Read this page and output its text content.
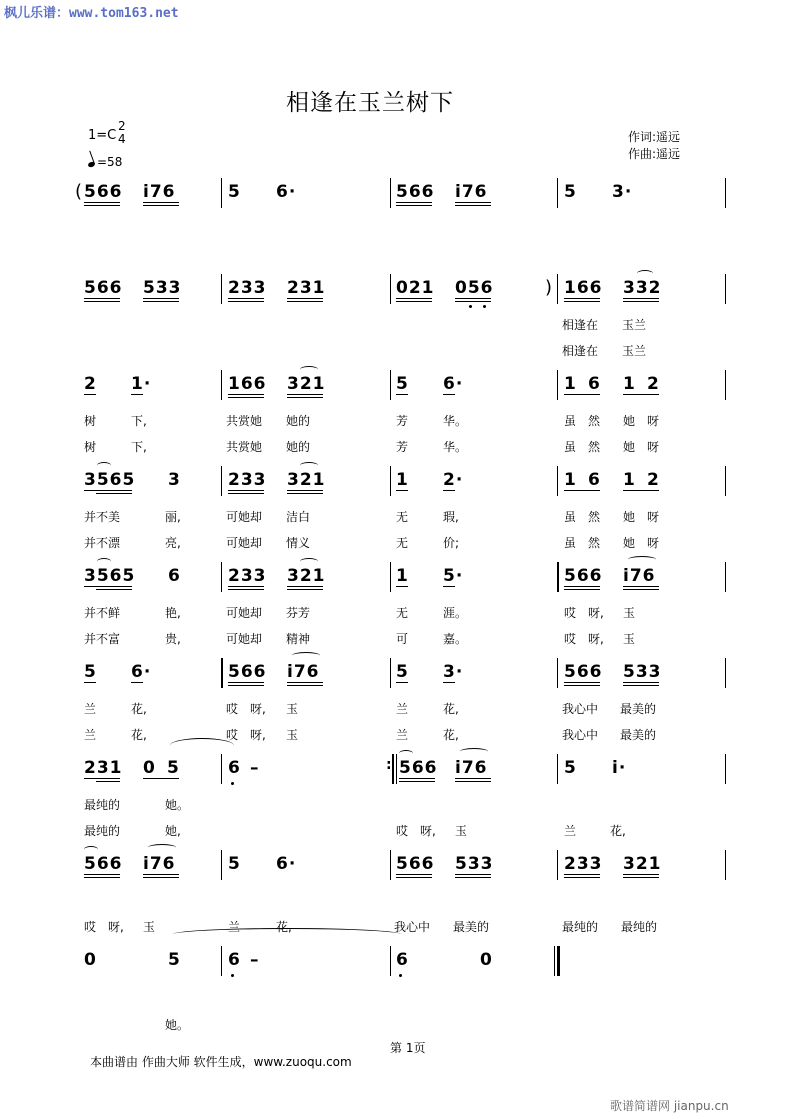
枫儿乐谱：www.tom163.net
相逢在玉兰树下
1=C
2
4
=58
作词:遥远
作曲:遥远
( 566 i76	5 6·	566 i76	5 3·
566 533	233 231	021 056	) 166 332
相逢在 玉兰
相逢在 玉兰
2 1·	166 321	5 6·	1 6 1 2
树	下,	共赏她 她的	芳	华。	虽 然 她 呀
树	下,	共赏她 她的	芳	华。	虽 然 她 呀
3565 3	233 321	1 2·	1 6 1 2
并不美	丽,	可她却 洁白	无	瑕,	虽 然 她 呀
并不漂	亮,	可她却 情义	无	价;	虽 然 她 呀
3565 6	233 321	1 5·	566 i76
并不鲜	艳,	可她却 芬芳	无	涯。	哎 呀, 玉
并不富	贵,	可她却 精神	可	嘉。	哎 呀, 玉
5 6·	566 i76	5 3·	566 533
兰	花,	哎 呀, 玉	兰	花,	我心中 最美的
兰	花,	哎 呀, 玉	兰	花,	我心中 最美的
231 0 5	6 –	: 566 i76	5 i·
最纯的	她。
最纯的	她,	哎 呀, 玉	兰	花,
566 i76	5 6·	566 533	233 321
哎 呀, 玉	兰	花,	我心中 最美的	最纯的 最纯的
0	5	6 –	6	0
她。
第 1页
本曲谱由 作曲大师 软件生成，www.zuoqu.com
歌谱简谱网 jianpu.cn
